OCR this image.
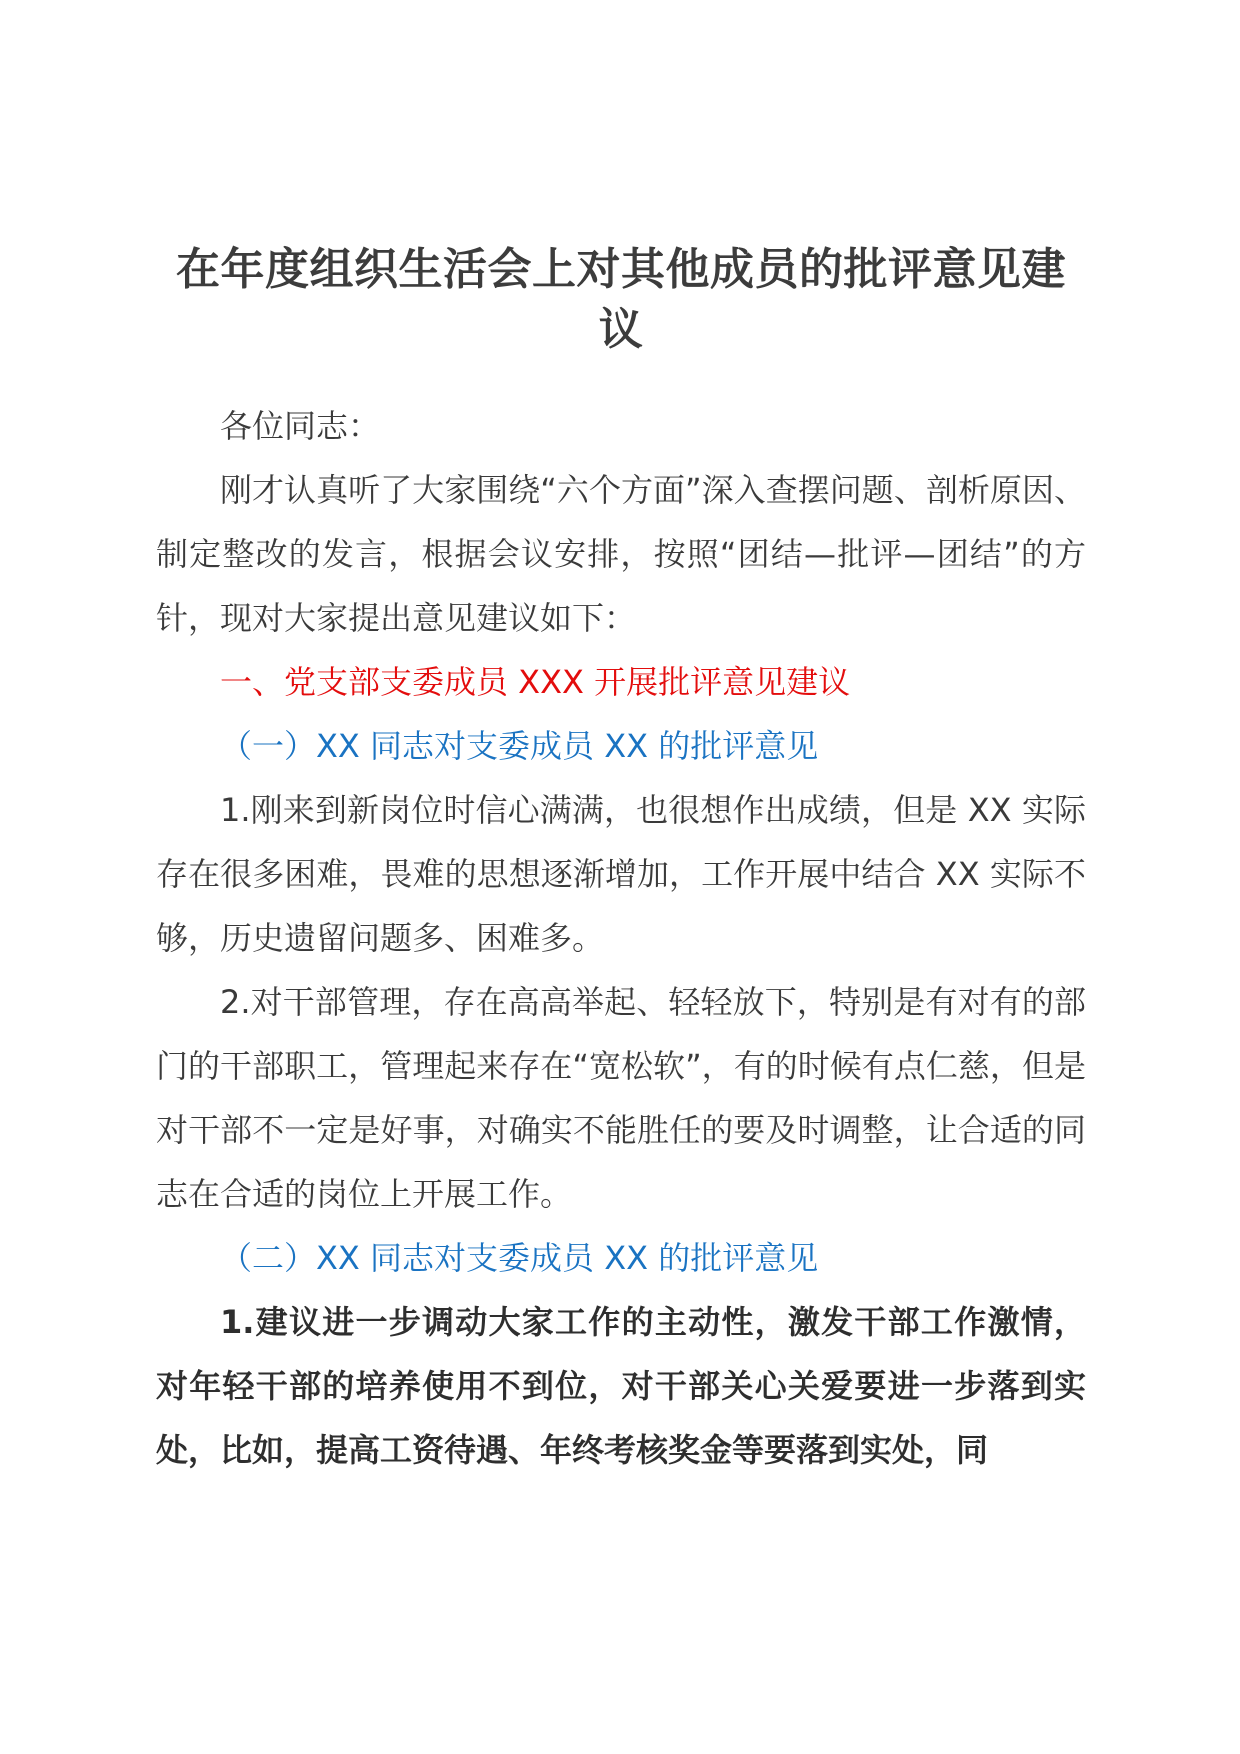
在年度组织生活会上对其他成员的批评意见建议

各位同志：

刚才认真听了大家围绕“六个方面”深入查摆问题、剖析原因、制定整改的发言，根据会议安排，按照“团结—批评—团结”的方针，现对大家提出意见建议如下：

一、党支部支委成员 XXX 开展批评意见建议

（一）XX 同志对支委成员 XX 的批评意见

1.刚来到新岗位时信心满满，也很想作出成绩，但是 XX 实际存在很多困难，畏难的思想逐渐增加，工作开展中结合 XX 实际不够，历史遗留问题多、困难多。

2.对干部管理，存在高高举起、轻轻放下，特别是有对有的部门的干部职工，管理起来存在“宽松软”，有的时候有点仁慈，但是对干部不一定是好事，对确实不能胜任的要及时调整，让合适的同志在合适的岗位上开展工作。

（二）XX 同志对支委成员 XX 的批评意见

1.建议进一步调动大家工作的主动性，激发干部工作激情，对年轻干部的培养使用不到位，对干部关心关爱要进一步落到实处，比如，提高工资待遇、年终考核奖金等要落到实处，同
